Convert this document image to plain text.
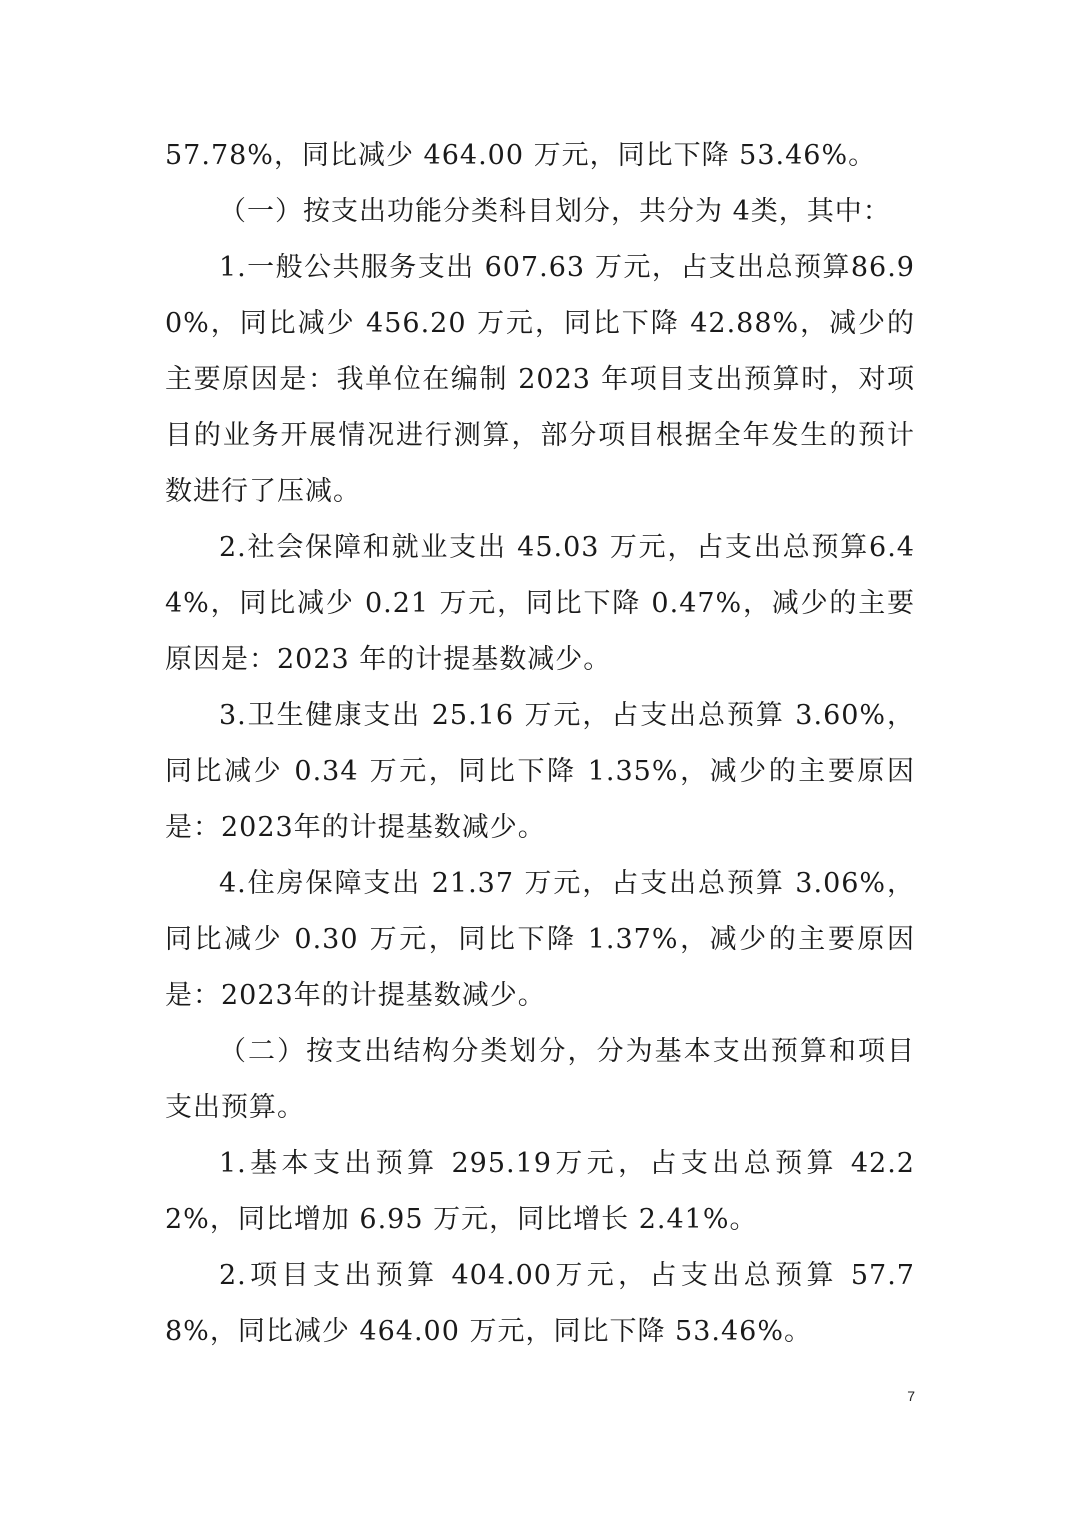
57.78%，同比减少 464.00 万元，同比下降 53.46%。

（一）按支出功能分类科目划分，共分为 4类，其中：

1.一般公共服务支出 607.63 万元，占支出总预算86.90%，同比减少 456.20 万元，同比下降 42.88%，减少的主要原因是：我单位在编制 2023 年项目支出预算时，对项目的业务开展情况进行测算，部分项目根据全年发生的预计数进行了压减。

2.社会保障和就业支出 45.03 万元，占支出总预算6.44%，同比减少 0.21 万元，同比下降 0.47%，减少的主要原因是：2023 年的计提基数减少。

3.卫生健康支出 25.16 万元，占支出总预算 3.60%，同比减少 0.34 万元，同比下降 1.35%，减少的主要原因是：2023年的计提基数减少。

4.住房保障支出 21.37 万元，占支出总预算 3.06%，同比减少 0.30 万元，同比下降 1.37%，减少的主要原因是：2023年的计提基数减少。

（二）按支出结构分类划分，分为基本支出预算和项目支出预算。

1.基本支出预算 295.19万元，占支出总预算 42.22%，同比增加 6.95 万元，同比增长 2.41%。

2.项目支出预算 404.00万元，占支出总预算 57.78%，同比减少 464.00 万元，同比下降 53.46%。

7
